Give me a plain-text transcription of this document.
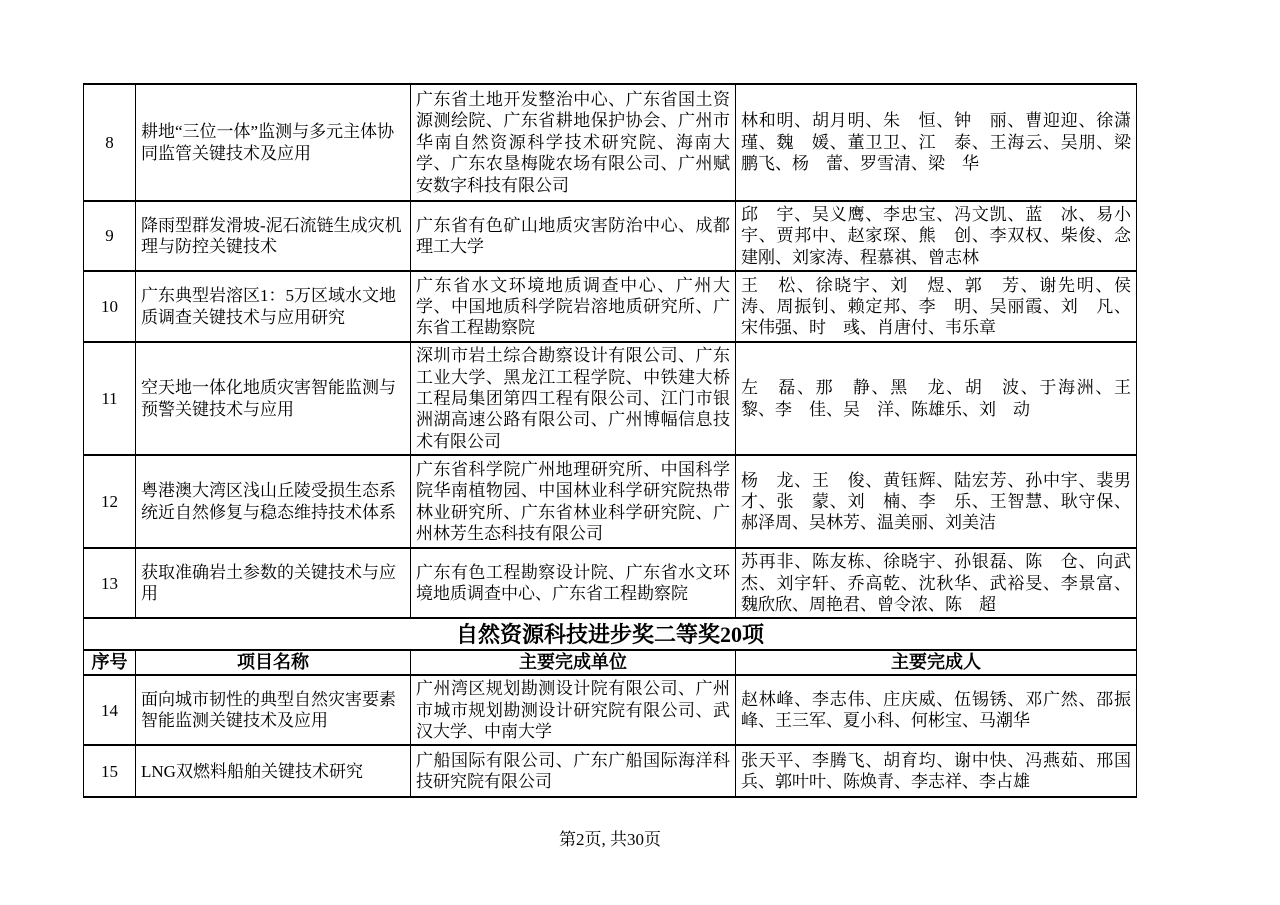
8	耕地“三位一体”监测与多元主体协同监管关键技术及应用	广东省土地开发整治中心、广东省国土资源测绘院、广东省耕地保护协会、广州市华南自然资源科学技术研究院、海南大学、广东农垦梅陇农场有限公司、广州赋安数字科技有限公司	林和明、胡月明、朱　恒、钟　丽、曹迎迎、徐潇瑾、魏　媛、董卫卫、江　泰、王海云、吴朋、梁鹏飞、杨　蕾、罗雪清、梁　华
9	降雨型群发滑坡-泥石流链生成灾机理与防控关键技术	广东省有色矿山地质灾害防治中心、成都理工大学	邱　宇、吴义鹰、李忠宝、冯文凯、蓝　冰、易小宇、贾邦中、赵家琛、熊　创、李双权、柴俊、念建刚、刘家涛、程慕祺、曾志林
10	广东典型岩溶区1：5万区域水文地质调查关键技术与应用研究	广东省水文环境地质调查中心、广州大学、中国地质科学院岩溶地质研究所、广东省工程勘察院	王　松、徐晓宇、刘　煜、郭　芳、谢先明、侯涛、周振钊、赖定邦、李　明、吴丽霞、刘　凡、宋伟强、时　彧、肖唐付、韦乐章
11	空天地一体化地质灾害智能监测与预警关键技术与应用	深圳市岩土综合勘察设计有限公司、广东工业大学、黑龙江工程学院、中铁建大桥工程局集团第四工程有限公司、江门市银洲湖高速公路有限公司、广州博幅信息技术有限公司	左　磊、那　静、黑　龙、胡　波、于海洲、王黎、李　佳、吴　洋、陈雄乐、刘　动
12	粤港澳大湾区浅山丘陵受损生态系统近自然修复与稳态维持技术体系	广东省科学院广州地理研究所、中国科学院华南植物园、中国林业科学研究院热带林业研究所、广东省林业科学研究院、广州林芳生态科技有限公司	杨　龙、王　俊、黄钰辉、陆宏芳、孙中宇、裴男才、张　蒙、刘　楠、李　乐、王智慧、耿守保、郝泽周、吴林芳、温美丽、刘美洁
13	获取准确岩土参数的关键技术与应用	广东有色工程勘察设计院、广东省水文环境地质调查中心、广东省工程勘察院	苏再非、陈友栋、徐晓宇、孙银磊、陈　仓、向武杰、刘宇轩、乔高乾、沈秋华、武裕旻、李景富、魏欣欣、周艳君、曾令浓、陈　超
自然资源科技进步奖二等奖20项			
序号	项目名称	主要完成单位	主要完成人
14	面向城市韧性的典型自然灾害要素智能监测关键技术及应用	广州湾区规划勘测设计院有限公司、广州市城市规划勘测设计研究院有限公司、武汉大学、中南大学	赵林峰、李志伟、庄庆威、伍锡锈、邓广然、邵振峰、王三军、夏小科、何彬宝、马潮华
15	LNG双燃料船舶关键技术研究	广船国际有限公司、广东广船国际海洋科技研究院有限公司	张天平、李腾飞、胡育均、谢中快、冯燕茹、邢国兵、郭叶叶、陈焕青、李志祥、李占雄
第2页, 共30页
